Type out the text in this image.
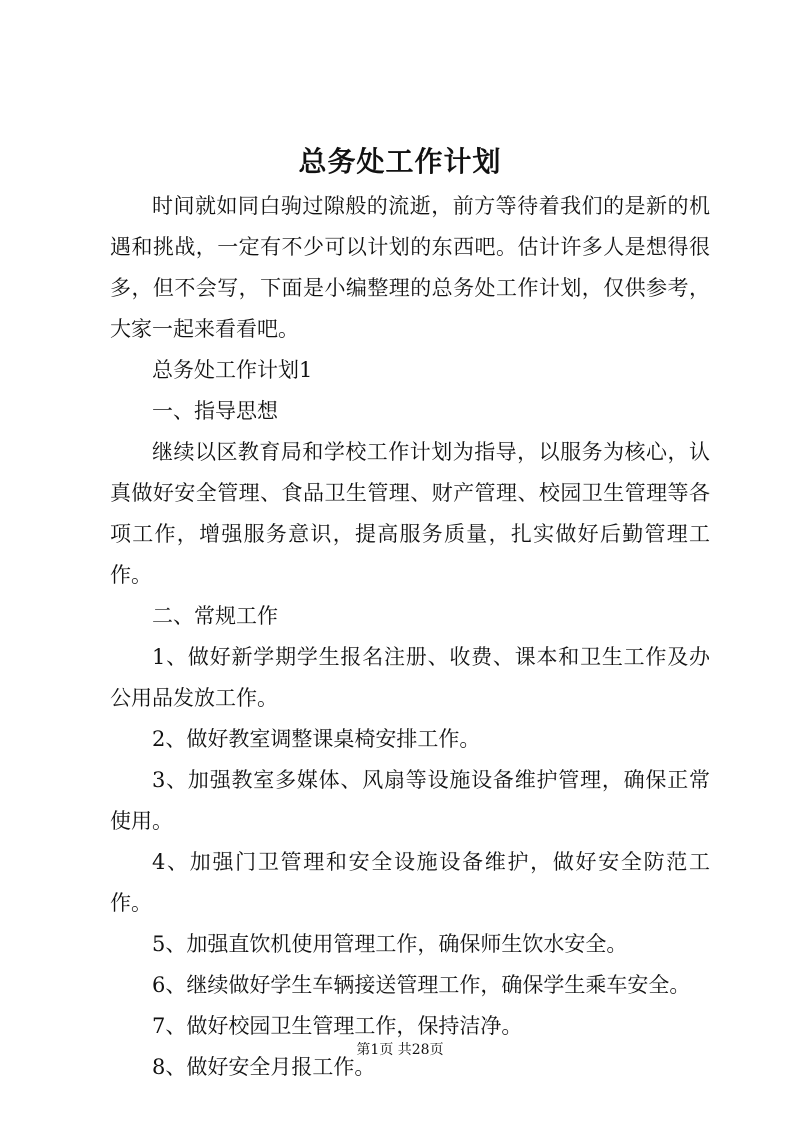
总务处工作计划

时间就如同白驹过隙般的流逝，前方等待着我们的是新的机遇和挑战，一定有不少可以计划的东西吧。估计许多人是想得很多，但不会写，下面是小编整理的总务处工作计划，仅供参考，大家一起来看看吧。

总务处工作计划1

一、指导思想

继续以区教育局和学校工作计划为指导，以服务为核心，认真做好安全管理、食品卫生管理、财产管理、校园卫生管理等各项工作，增强服务意识，提高服务质量，扎实做好后勤管理工作。

二、常规工作

1、做好新学期学生报名注册、收费、课本和卫生工作及办公用品发放工作。

2、做好教室调整课桌椅安排工作。

3、加强教室多媒体、风扇等设施设备维护管理，确保正常使用。

4、加强门卫管理和安全设施设备维护，做好安全防范工作。

5、加强直饮机使用管理工作，确保师生饮水安全。

6、继续做好学生车辆接送管理工作，确保学生乘车安全。

7、做好校园卫生管理工作，保持洁净。

8、做好安全月报工作。

第1页 共28页
